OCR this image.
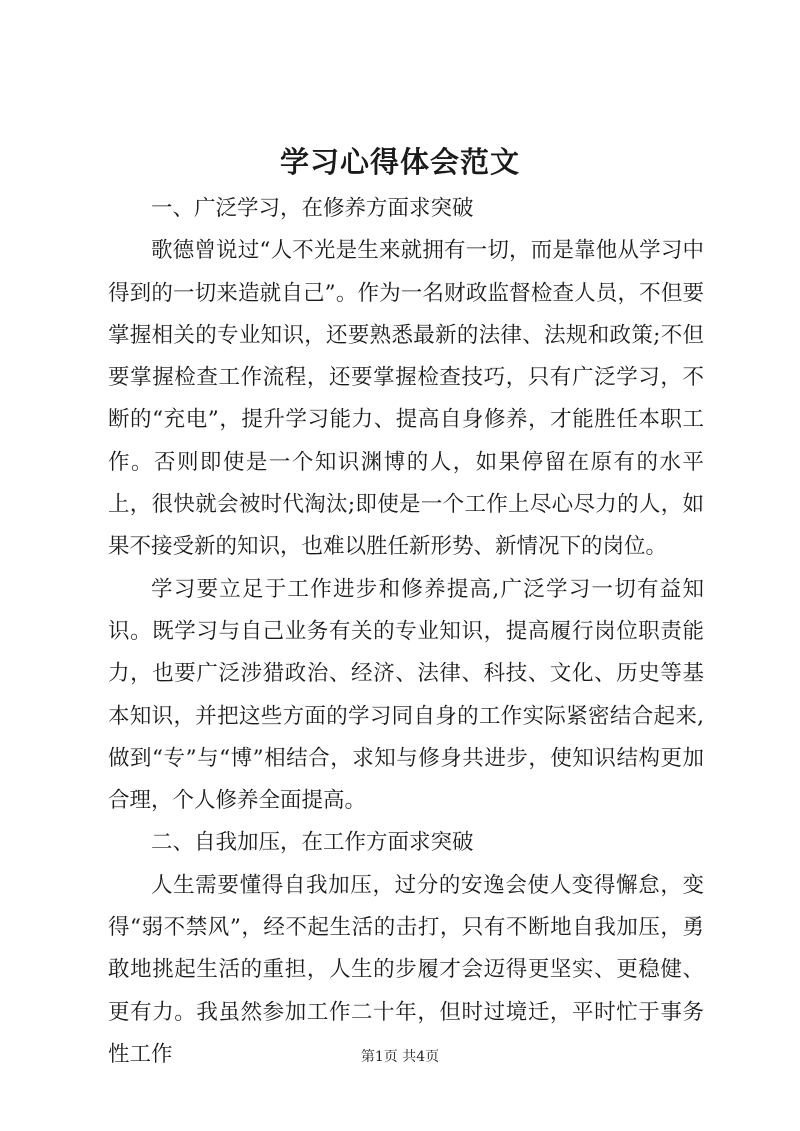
学习心得体会范文

一、广泛学习，在修养方面求突破

歌德曾说过“人不光是生来就拥有一切，而是靠他从学习中得到的一切来造就自己”。作为一名财政监督检查人员，不但要掌握相关的专业知识，还要熟悉最新的法律、法规和政策;不但要掌握检查工作流程，还要掌握检查技巧，只有广泛学习，不断的“充电”，提升学习能力、提高自身修养，才能胜任本职工作。否则即使是一个知识渊博的人，如果停留在原有的水平上，很快就会被时代淘汰;即使是一个工作上尽心尽力的人，如果不接受新的知识，也难以胜任新形势、新情况下的岗位。

学习要立足于工作进步和修养提高,广泛学习一切有益知识。既学习与自己业务有关的专业知识，提高履行岗位职责能力，也要广泛涉猎政治、经济、法律、科技、文化、历史等基本知识，并把这些方面的学习同自身的工作实际紧密结合起来,做到“专”与“博”相结合，求知与修身共进步，使知识结构更加合理，个人修养全面提高。

二、自我加压，在工作方面求突破

人生需要懂得自我加压，过分的安逸会使人变得懈怠，变得“弱不禁风”，经不起生活的击打，只有不断地自我加压，勇敢地挑起生活的重担，人生的步履才会迈得更坚实、更稳健、更有力。我虽然参加工作二十年，但时过境迁，平时忙于事务性工作	第1页 共4页
